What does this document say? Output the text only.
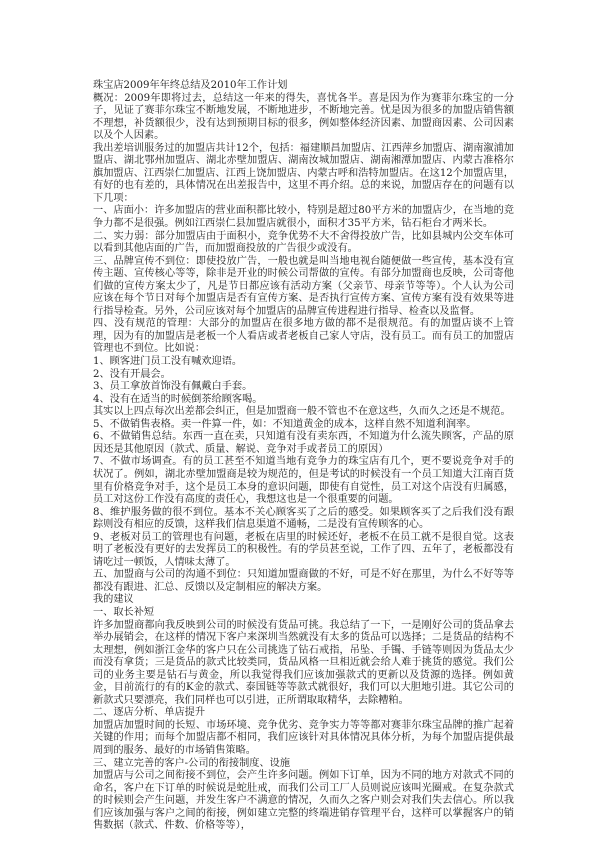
珠宝店2009年年终总结及2010年工作计划

概况：2009年即将过去，总结这一年来的得失，喜忧各半。喜是因为作为赛菲尔珠宝的一分子，见证了赛菲尔珠宝不断地发展，不断地进步，不断地完善。忧是因为很多的加盟店销售额不理想，补货额很少，没有达到预期目标的很多，例如整体经济因素、加盟商因素、公司因素以及个人因素。

我出差培训服务过的加盟店共计12个，包括：福建顺昌加盟店、江西萍乡加盟店、湖南溆浦加盟店、湖北鄂州加盟店、湖北赤壁加盟店、湖南汝城加盟店、湖南湘潭加盟店、内蒙古准格尔旗加盟店、江西崇仁加盟店、江西上饶加盟店、内蒙古呼和浩特加盟店。在这12个加盟店里，有好的也有差的，具体情况在出差报告中，这里不再介绍。总的来说，加盟店存在的问题有以下几项：

一、店面小：许多加盟店的营业面积都比较小，特别是超过80平方米的加盟店少，在当地的竞争力都不是很强。例如江西崇仁县加盟店就很小，面积才35平方米，钻石柜台才两米长。

二、实力弱：部分加盟店由于面积小，竞争优势不大不舍得投放广告，比如县城内公交车体可以看到其他店面的广告，而加盟商投放的广告很少或没有。

三、品牌宣传不到位：即使投放广告，一般也就是叫当地电视台随便做一些宣传，基本没有宣传主题、宣传核心等等，除非是开业的时候公司帮做的宣传。有部分加盟商也反映，公司寄他们做的宣传方案太少了，凡是节日都应该有活动方案（父亲节、母亲节等等）。个人认为公司应该在每个节日对每个加盟店是否有宣传方案、是否执行宣传方案、宣传方案有没有效果等进行指导检查。另外，公司应该对每个加盟店的品牌宣传进程进行指导、检查以及监督。

四、没有规范的管理：大部分的加盟店在很多地方做的都不是很规范。有的加盟店谈不上管理，因为有的加盟店是老板一个人看店或者老板自己家人守店，没有员工。而有员工的加盟店管理也不到位。比如说：

1、顾客进门员工没有喊欢迎语。

2、没有开晨会。

3、员工拿放首饰没有佩戴白手套。

4、没有在适当的时候倒茶给顾客喝。

其实以上四点每次出差都会纠正，但是加盟商一般不管也不在意这些，久而久之还是不规范。

5、不做销售表格。卖一件算一件，如：不知道黄金的成本，这样自然不知道利润率。

6、不做销售总结。东西一直在卖，只知道有没有卖东西，不知道为什么流失顾客，产品的原因还是其他原因（款式、质量、解说、竞争对手或者员工的原因）

7、不做市场调查。有的员工甚至不知道当地有竞争力的珠宝店有几个，更不要说竞争对手的状况了。例如，湖北赤壁加盟商是较为规范的，但是考试的时候没有一个员工知道大江南百货里有价格竞争对手，这个是员工本身的意识问题，即使有自觉性，员工对这个店没有归属感，员工对这份工作没有高度的责任心，我想这也是一个很重要的问题。

8、维护服务做的很不到位。基本不关心顾客买了之后的感受。如果顾客买了之后我们没有跟踪则没有相应的反馈，这样我们信息渠道不通畅，二是没有宣传顾客的心。

9、老板对员工的管理也有问题，老板在店里的时候还好，老板不在员工就不是很自觉。这表明了老板没有更好的去发挥员工的积极性。有的学员甚至说，工作了四、五年了，老板都没有请吃过一顿饭，人情味太薄了。

五、加盟商与公司的沟通不到位：只知道加盟商做的不好，可是不好在那里，为什么不好等等都没有跟进、汇总、反馈以及定制相应的解决方案。

我的建议

一、取长补短

许多加盟商都向我反映到公司的时候没有货品可挑。我总结了一下，一是刚好公司的货品拿去举办展销会，在这样的情况下客户来深圳当然就没有太多的货品可以选择；二是货品的结构不太理想，例如浙江金华的客户只在公司挑选了钻石戒指，吊坠、手镯、手链等则因为货品太少而没有拿货；三是货品的款式比较类同，货品风格一旦相近就会给人难于挑货的感觉。我们公司的业务主要是钻石与黄金，所以我觉得我们应该加强款式的更新以及货源的选择。例如黄金，目前流行的有的K金的款式、泰国链等等款式就很好，我们可以大胆地引进。其它公司的新款式只要漂亮，我们同样也可以引进，正所谓取取精华，去除糟粕。

二、逐店分析、单店提升

加盟店加盟时间的长短、市场环境、竞争优劣、竞争实力等等都对赛菲尔珠宝品牌的推广起着关键的作用；而每个加盟店都不相同，我们应该针对具体情况具体分析，为每个加盟店提供最周到的服务、最好的市场销售策略。

三、建立完善的客户-公司的衔接制度、设施

加盟店与公司之间衔接不到位，会产生许多问题。例如下订单，因为不同的地方对款式不同的命名，客户在下订单的时候说是蛇肚戒，而我们公司工厂人员则说应该叫光圈戒。在复杂款式的时候则会产生问题，并发生客户不满意的情况，久而久之客户则会对我们失去信心。所以我们应该加强与客户之间的衔接，例如建立完整的终端进销存管理平台，这样可以掌握客户的销售数据（款式、件数、价格等等），
